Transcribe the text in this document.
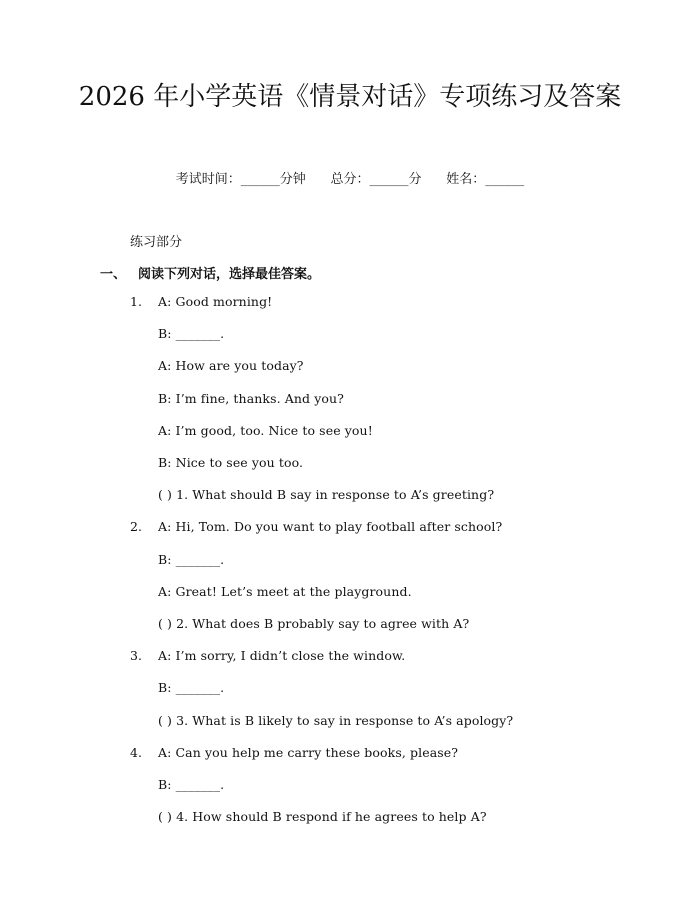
2026 年小学英语《情景对话》专项练习及答案
考试时间：______分钟      总分：______分      姓名：______
练习部分
一、 阅读下列对话，选择最佳答案。
1. A: Good morning!
B: _______.
A: How are you today?
B: I’m fine, thanks. And you?
A: I’m good, too. Nice to see you!
B: Nice to see you too.
( ) 1. What should B say in response to A’s greeting?
2. A: Hi, Tom. Do you want to play football after school?
B: _______.
A: Great! Let’s meet at the playground.
( ) 2. What does B probably say to agree with A?
3. A: I’m sorry, I didn’t close the window.
B: _______.
( ) 3. What is B likely to say in response to A’s apology?
4. A: Can you help me carry these books, please?
B: _______.
( ) 4. How should B respond if he agrees to help A?
